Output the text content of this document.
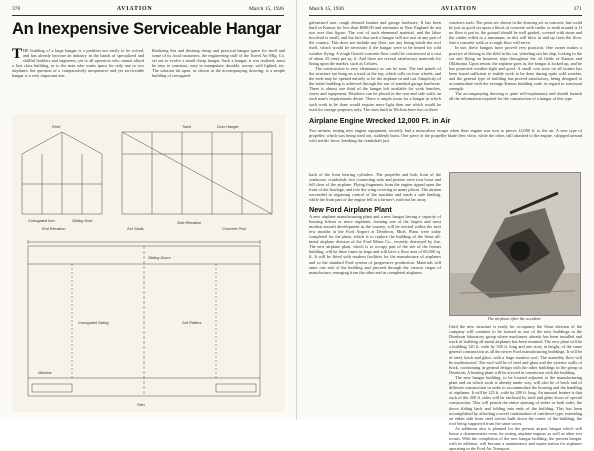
370	AVIATION	March 15, 1926
An Inexpensive Serviceable Hangar
T HE building of a large hangar is a problem not easily to be solved, and has already become an industry in the hands of specialized and skillful builders and engineers, yet to all operators who cannot afford a first class building, or to the man who wants space for only one or two airplanes, the question of a comparatively inexpensive and yet serviceable hangar is a very important one.

Realizing this and desiring cheap and practical hangar space for itself and some of its local customers, the engineering staff of the Travel Air Mfg. Co. set out to evolve a small cheap hangar. Such a hangar, it was realized, must be easy to construct, easy to manipulate, durable, roomy, well lighted, etc. The solution hit upon, as shown in the accompanying drawing, is a simple building of corrugated

Roof
Corrugated Iron
Track	Door Hanger
Sliding Door
End Elevation
Side Elevation
2x4 Studs	Concrete Post
Plan
Sliding Doors
Corrugated Siding	2x6 Rafters
Window
March 15, 1926	AVIATION	371

galvanized iron, rough dressed lumber and garage hardware. It has been built in Kansas for less than $600.00 and estimates in New England do not run over that figure. The cost of such elemental material, and the labor involved is small, and the fact that such a hangar will not rust in any part of the country. This does not include any floor, nor any lining inside the roof itself, which would be necessary if the hangar were to be heated for cold weather flying. A rough floored concrete floor could be constructed at a cost of about 25 cents per sq. ft. And there are several satisfactory materials for lining upon the market, such as Celotex.

The construction is very elementary as can be seen. The end panels of the structure are hung on a track at the top, which rolls on four wheels, and the ends may be opened entirely to let the airplane in and out. Simplicity of the entire building is achieved through the use of standard garage hardware. There is almost one third of the hangar left available for work benches, stores and equipment. Windows can be placed in the rear and side walls on each man's requirements desire. There is ample room for a hangar in which such work to be done would require more light than one which would be used for storage purposes only. The ones built in Wichita have two or three

windows each. The posts are shown in the drawing set in concrete, but could be just as good set upon a block of concrete with cinder or earth around it. If no floor is put in, the ground should be well graded, covered with stone and the cinder rolled to a minimum, as dirt will blow in and up from the floor. Just a concrete walk or a rough floor will serve.

In use, these hangars have proved very practical. One owner makes a practice of driving to the field in his car, wheeling out his ship, locking in the car and flying on business trips throughout the oil fields of Kansas and Oklahoma. Upon return, the airplane goes in, the hangar is locked up, and he has protected weather-tight and good. A small cost store on all homes has been found sufficient to enable work to be done during quite cold weather, and the general type of building has proved satisfactory, being designed to accommodate with the average Kansas building code, in regard to structural strength.

The accompanying drawing is quite self-explanatory and should furnish all the information required for the construction of a hangar of this type.

Airplane Engine Wrecked 12,000 Ft. in Air

Two airmen, testing new engine equipment, recently had a miraculous escape when their engine was torn to pieces 12,000 ft. in the air. A new type of propeller, which was being tried out, suddenly burst. One piece of the propeller blade flew close, while the other, still attached to the engine, whipped around with terrific force, breaking the crankshaft just

The airplane after the accident

back of the front bearing cylinders. The propeller and hub, front of the crankcase, crankshaft, two connecting rods and pistons were torn loose and fell clear of the airplane. Flying fragments from the engine ripped open the front of the fuselage, and tore the wing covering in many places. The airmen succeeded in regaining control of the machine and made a safe landing, while the front part of the engine fell in a farmer's yard not far away.

New Ford Airplane Plant

A new airplane manufacturing plant and a new hangar having a capacity of housing fifteen or more airplanes, forming one of the largest and most modern aircraft development in the country, will be erected within the next few months at the Ford Airport at Dearborn, Mich. Plans were today completed for the plant, which is to replace the building of the Stout all-metal airplane division of the Ford Motor Co., recently destroyed by fire. The new airplane plant, which is to occupy part of the site of the former building, will be three times as large and will have a floor area of 60,000 sq. ft. It will be fitted with modern facilities for the manufacture of airplanes and so the standard Ford system of progressive production. Materials will enter one end of the building and proceed through the various stages of manufacture, emerging from the other end as completed airplanes.

Until the new structure is ready for occupancy the Stout division of the company will continue to be housed in one of the new buildings in the Dearborn laboratory group where machinery already has been installed and work of building all-metal airplanes has been resumed. The new plant will be a building 120 ft. wide by 300 ft. long and one story in height, of the same general construction as all the newer Ford manufacturing buildings. It will be of steel, brick and glass, with a large monitor roof. The assembly floor will be unobstructed. The roof will be of steel and glass and the exterior walls of brick, conforming in general design with the other buildings in the group at Dearborn. A heating plant will be erected in connection with the building.

The new hangar building, to be located adjacent to the manufacturing plant and on which work is already under way, will also be of brick and of different construction in order to accommodate the housing and the handling of airplanes. It will be 125 ft. wide by 200 ft. long. An unusual feature is that each of the 200 ft. sides will be enclosed by steel and glass doors of special construction. This will permit the entire opening of either or both sides, the doors sliding back and folding into ends of the building. This has been accomplished by affording a novel combination of cantilever type, extending on either side from steel towers built down the center of the building, the roof being supported from the same tower.

As additions also is planned for the present airport hangar which will house a dynamometer room for testing airplane engines as well as other test rooms. With the completion of the new hangar building, the present hangar, with its addition, will become a maintenance and repair station for airplanes operating in the Ford Air Transport.
